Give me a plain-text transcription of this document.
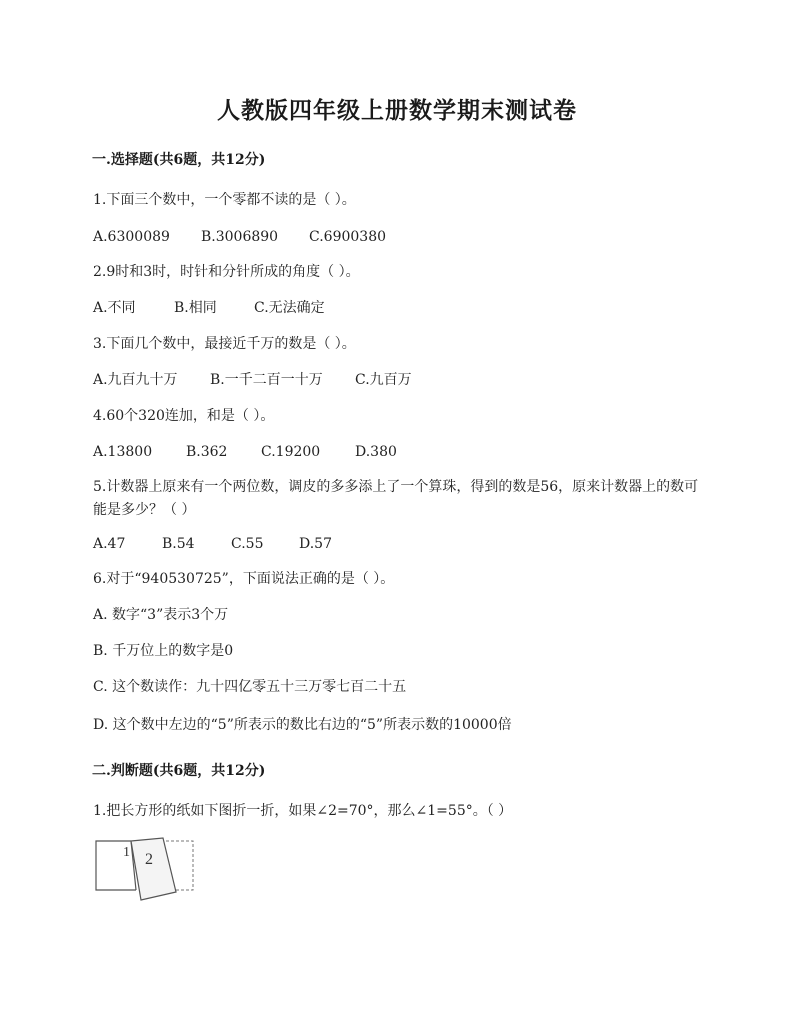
人教版四年级上册数学期末测试卷
一.选择题(共6题，共12分)
1.下面三个数中，一个零都不读的是（ ）。
A.6300089 B.3006890 C.6900380
2.9时和3时，时针和分针所成的角度（ ）。
A.不同	B.相同	C.无法确定
3.下面几个数中，最接近千万的数是（ ）。
A.九百九十万 B.一千二百一十万 C.九百万
4.60个320连加，和是（ ）。
A.13800 B.362 C.19200 D.380
5.计数器上原来有一个两位数，调皮的多多添上了一个算珠，得到的数是56，原来计数器上的数可能是多少？（ ）
A.47	B.54	C.55	D.57
6.对于“940530725”，下面说法正确的是（ ）。
A. 数字“3”表示3个万
B. 千万位上的数字是0
C. 这个数读作：九十四亿零五十三万零七百二十五
D. 这个数中左边的“5”所表示的数比右边的“5”所表示数的10000倍
二.判断题(共6题，共12分)
1.把长方形的纸如下图折一折，如果∠2=70°，那么∠1=55°。（ ）
1 2
